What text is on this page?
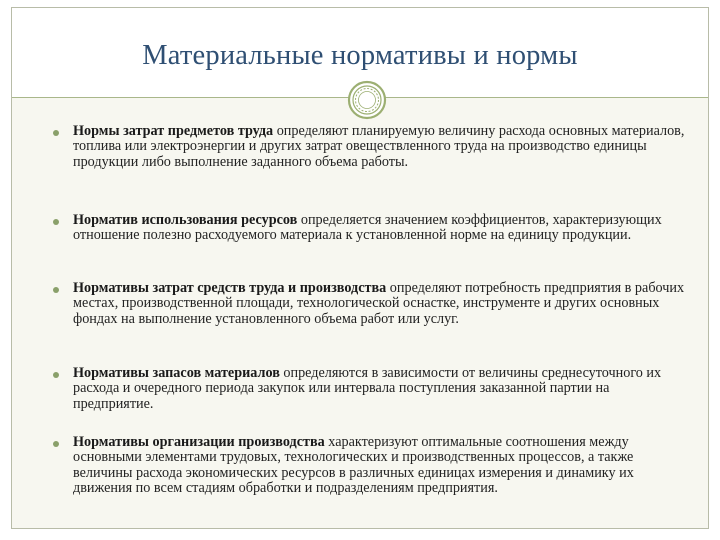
Материальные нормативы и нормы

Нормы затрат предметов труда определяют планируемую величину расхода основных материалов, топлива или электроэнергии и других затрат овеществленного труда на производство единицы продукции либо выполнение заданного объема работы.

Норматив использования ресурсов определяется значением коэффициентов, характеризующих отношение полезно расходуемого материала к установленной норме на единицу продукции.

Нормативы затрат средств труда и производства определяют потребность предприятия в рабочих местах, производственной площади, технологической оснастке, инструменте и других основных фондах на выполнение установленного объема работ или услуг.

Нормативы запасов материалов определяются в зависимости от величины среднесуточного их расхода и очередного периода закупок или интервала поступления заказанной партии на предприятие.

Нормативы организации производства характеризуют оптимальные соотношения между основными элементами трудовых, технологических и производственных процессов, а также величины расхода экономических ресурсов в различных единицах измерения и динамику их движения по всем стадиям обработки и подразделениям предприятия.
